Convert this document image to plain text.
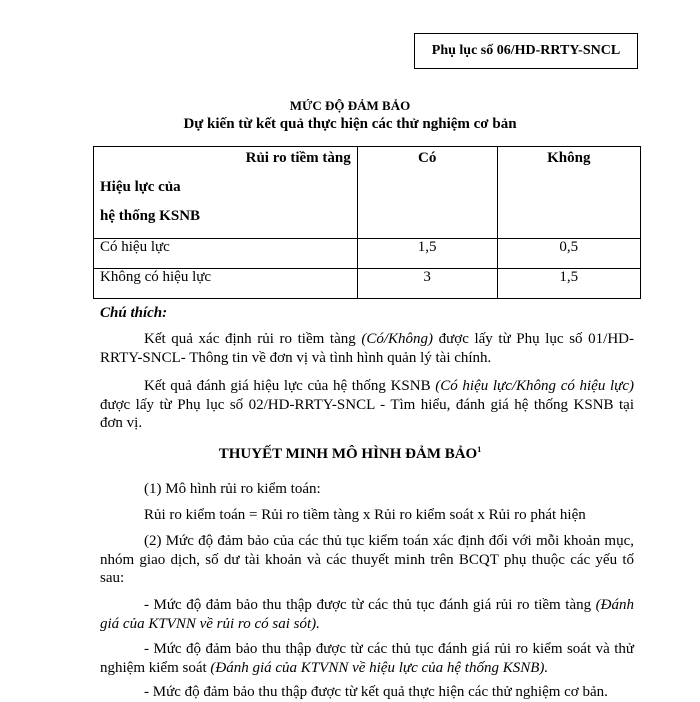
Phụ lục số 06/HD-RRTY-SNCL
MỨC ĐỘ ĐẢM BẢO
Dự kiến từ kết quả thực hiện các thử nghiệm cơ bản
Rủi ro tiềm tàng
Hiệu lực của
hệ thống KSNB	Có	Không
Có hiệu lực	1,5	0,5
Không có hiệu lực	3	1,5
Chú thích:
Kết quả xác định rủi ro tiềm tàng (Có/Không) được lấy từ Phụ lục số 01/HD-RRTY-SNCL- Thông tin về đơn vị và tình hình quản lý tài chính.
Kết quả đánh giá hiệu lực của hệ thống KSNB (Có hiệu lực/Không có hiệu lực) được lấy từ Phụ lục số 02/HD-RRTY-SNCL - Tìm hiểu, đánh giá hệ thống KSNB tại đơn vị.
THUYẾT MINH MÔ HÌNH ĐẢM BẢO$^1$
(1) Mô hình rủi ro kiểm toán:
Rủi ro kiểm toán = Rủi ro tiềm tàng x Rủi ro kiểm soát x Rủi ro phát hiện
(2) Mức độ đảm bảo của các thủ tục kiểm toán xác định đối với mỗi khoản mục, nhóm giao dịch, số dư tài khoản và các thuyết minh trên BCQT phụ thuộc các yếu tố sau:
- Mức độ đảm bảo thu thập được từ các thủ tục đánh giá rủi ro tiềm tàng (Đánh giá của KTVNN về rủi ro có sai sót).
- Mức độ đảm bảo thu thập được từ các thủ tục đánh giá rủi ro kiểm soát và thử nghiệm kiểm soát (Đánh giá của KTVNN về hiệu lực của hệ thống KSNB).
- Mức độ đảm bảo thu thập được từ kết quả thực hiện các thử nghiệm cơ bản.
